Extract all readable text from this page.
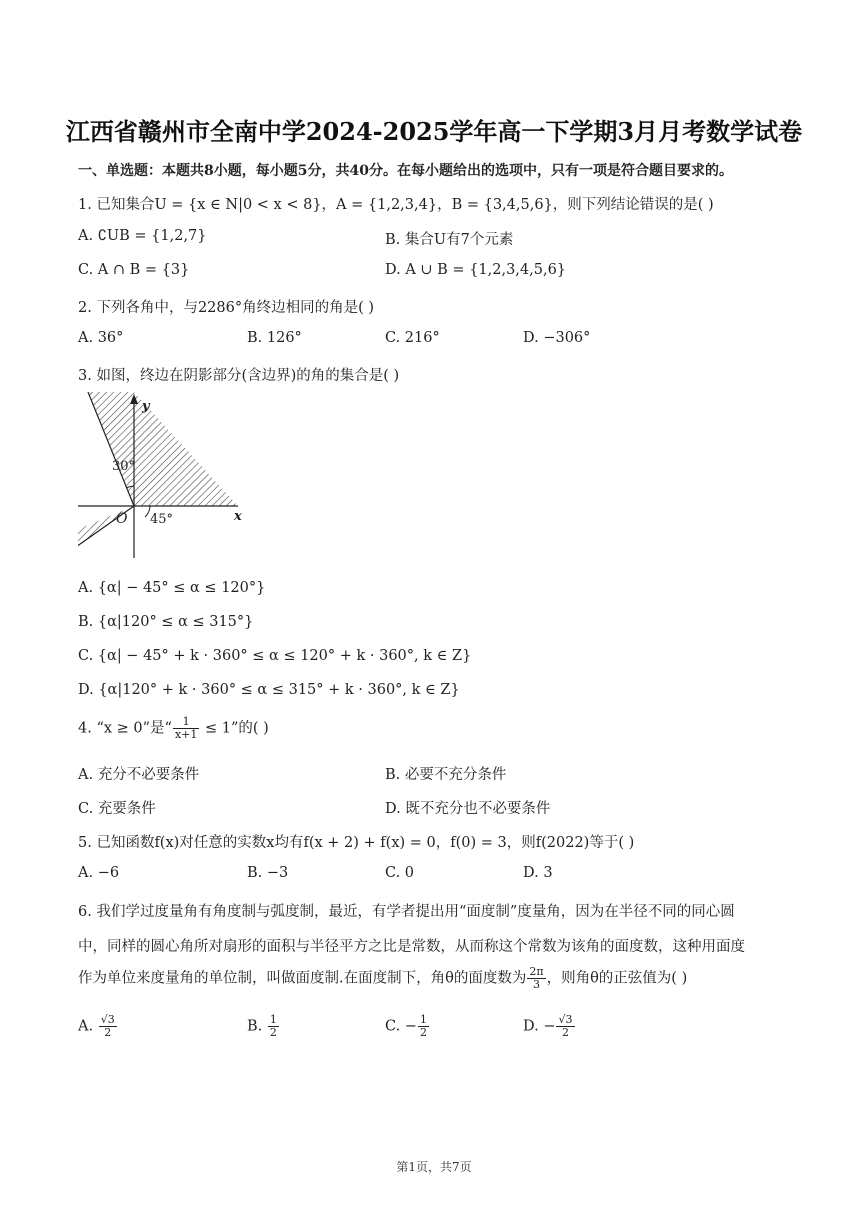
江西省赣州市全南中学2024-2025学年高一下学期3月月考数学试卷
一、单选题：本题共8小题，每小题5分，共40分。在每小题给出的选项中，只有一项是符合题目要求的。
1. 已知集合U = {x ∈ N|0 < x < 8}，A = {1,2,3,4}，B = {3,4,5,6}，则下列结论错误的是( )
A. ∁UB = {1,2,7}	B. 集合U有7个元素
C. A ∩ B = {3}	D. A ∪ B = {1,2,3,4,5,6}
2. 下列各角中，与2286°角终边相同的角是( )
A. 36°	B. 126°	C. 216°	D. −306°
3. 如图，终边在阴影部分(含边界)的角的集合是( )
y
x
O
30°
45°
A. {α| − 45° ≤ α ≤ 120°}
B. {α|120° ≤ α ≤ 315°}
C. {α| − 45° + k · 360° ≤ α ≤ 120° + k · 360°, k ∈ Z}
D. {α|120° + k · 360° ≤ α ≤ 315° + k · 360°, k ∈ Z}
4. “x ≥ 0”是“ $\frac{1}{x+1} \le 1$”的( )
A. 充分不必要条件	B. 必要不充分条件
C. 充要条件	D. 既不充分也不必要条件
5. 已知函数f(x)对任意的实数x均有f(x + 2) + f(x) = 0，f(0) = 3，则f(2022)等于( )
A. −6	B. −3	C. 0	D. 3
6. 我们学过度量角有角度制与弧度制，最近，有学者提出用“面度制”度量角，因为在半径不同的同心圆
中，同样的圆心角所对扇形的面积与半径平方之比是常数，从而称这个常数为该角的面度数，这种用面度
作为单位来度量角的单位制，叫做面度制.在面度制下，角θ的面度数为 $\frac{2\pi}{3}$ ，则角θ的正弦值为( )
A. $\frac{√3}{2}$	B. $\frac{1}{2}$	C. − $\frac{1}{2}$	D. − $\frac{√3}{2}$
第1页，共7页
